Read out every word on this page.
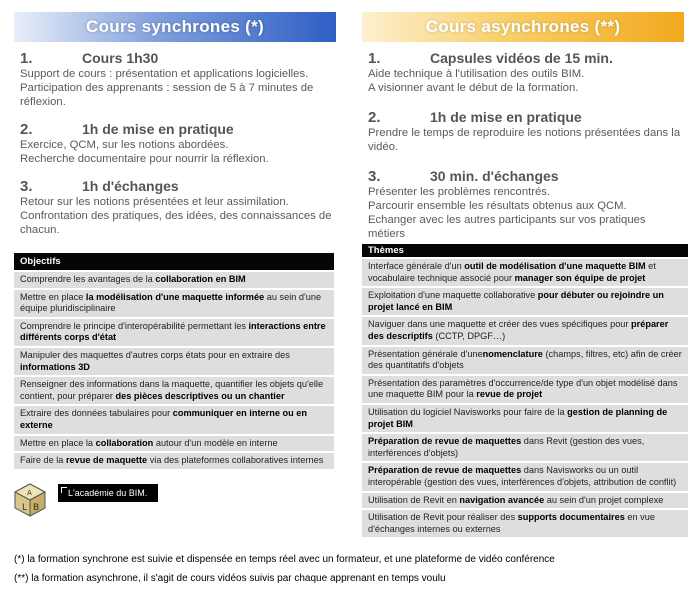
Cours synchrones (*)
1.	Cours 1h30
Support de cours : présentation et applications logicielles.
Participation des apprenants : session de 5 à 7 minutes de
réflexion.
2.	1h de mise en pratique
Exercice, QCM, sur les notions abordées.
Recherche documentaire pour nourrir la réflexion.
3.	1h d'échanges
Retour sur les notions présentées et leur assimilation.
Confrontation des pratiques, des idées, des connaissances de
chacun.
Cours asynchrones (**)
1.	Capsules vidéos de 15 min.
Aide technique à l'utilisation des outils BIM.
A visionner avant le début de la formation.
2.	1h de mise en pratique
Prendre le temps de reproduire les notions présentées dans la
vidéo.
3.	30 min. d'échanges
Présenter les problèmes rencontrés.
Parcourir ensemble les résultats obtenus aux QCM.
Echanger avec les autres participants sur vos pratiques
métiers
Objectifs
Comprendre les avantages de la collaboration en BIM
Mettre en place la modélisation d'une maquette informée au sein d'une équipe pluridisciplinaire
Comprendre le principe d'interopérabilité permettant les interactions entre différents corps d'état
Manipuler des maquettes d'autres corps états pour en extraire des informations 3D
Renseigner des informations dans la maquette, quantifier les objets qu'elle contient, pour préparer des pièces descriptives ou un chantier
Extraire des données tabulaires pour communiquer en interne ou en externe
Mettre en place la collaboration autour d'un modèle en interne
Faire de la revue de maquette via des plateformes collaboratives internes
Thèmes
Interface générale d'un outil de modélisation d'une maquette BIM et vocabulaire technique associé pour manager son équipe de projet
Exploitation d'une maquette collaborative pour débuter ou rejoindre un projet lancé en BIM
Naviguer dans une maquette et créer des vues spécifiques pour préparer des descriptifs (CCTP, DPGF…)
Présentation générale d'unenomenclature (champs, filtres, etc) afin de créer des quantitatifs d'objets
Présentation des paramètres d'occurrence/de type d'un objet modélisé dans une maquette BIM pour la revue de projet
Utilisation du logiciel Navisworks pour faire de la gestion de planning de projet BIM
Préparation de revue de maquettes dans Revit (gestion des vues, interférences d'objets)
Préparation de revue de maquettes dans Navisworks ou un outil interopérable (gestion des vues, interférences d'objets, attribution de conflit)
Utilisation de Revit en navigation avancée au sein d'un projet complexe
Utilisation de Revit pour réaliser des supports documentaires en vue d'échanges internes ou externes
L B
A	L'académie du BIM.
(*) la formation synchrone est suivie et dispensée en temps réel avec un formateur, et une plateforme de vidéo conférence
(**) la formation asynchrone, il s'agit de cours vidéos suivis par chaque apprenant en temps voulu
